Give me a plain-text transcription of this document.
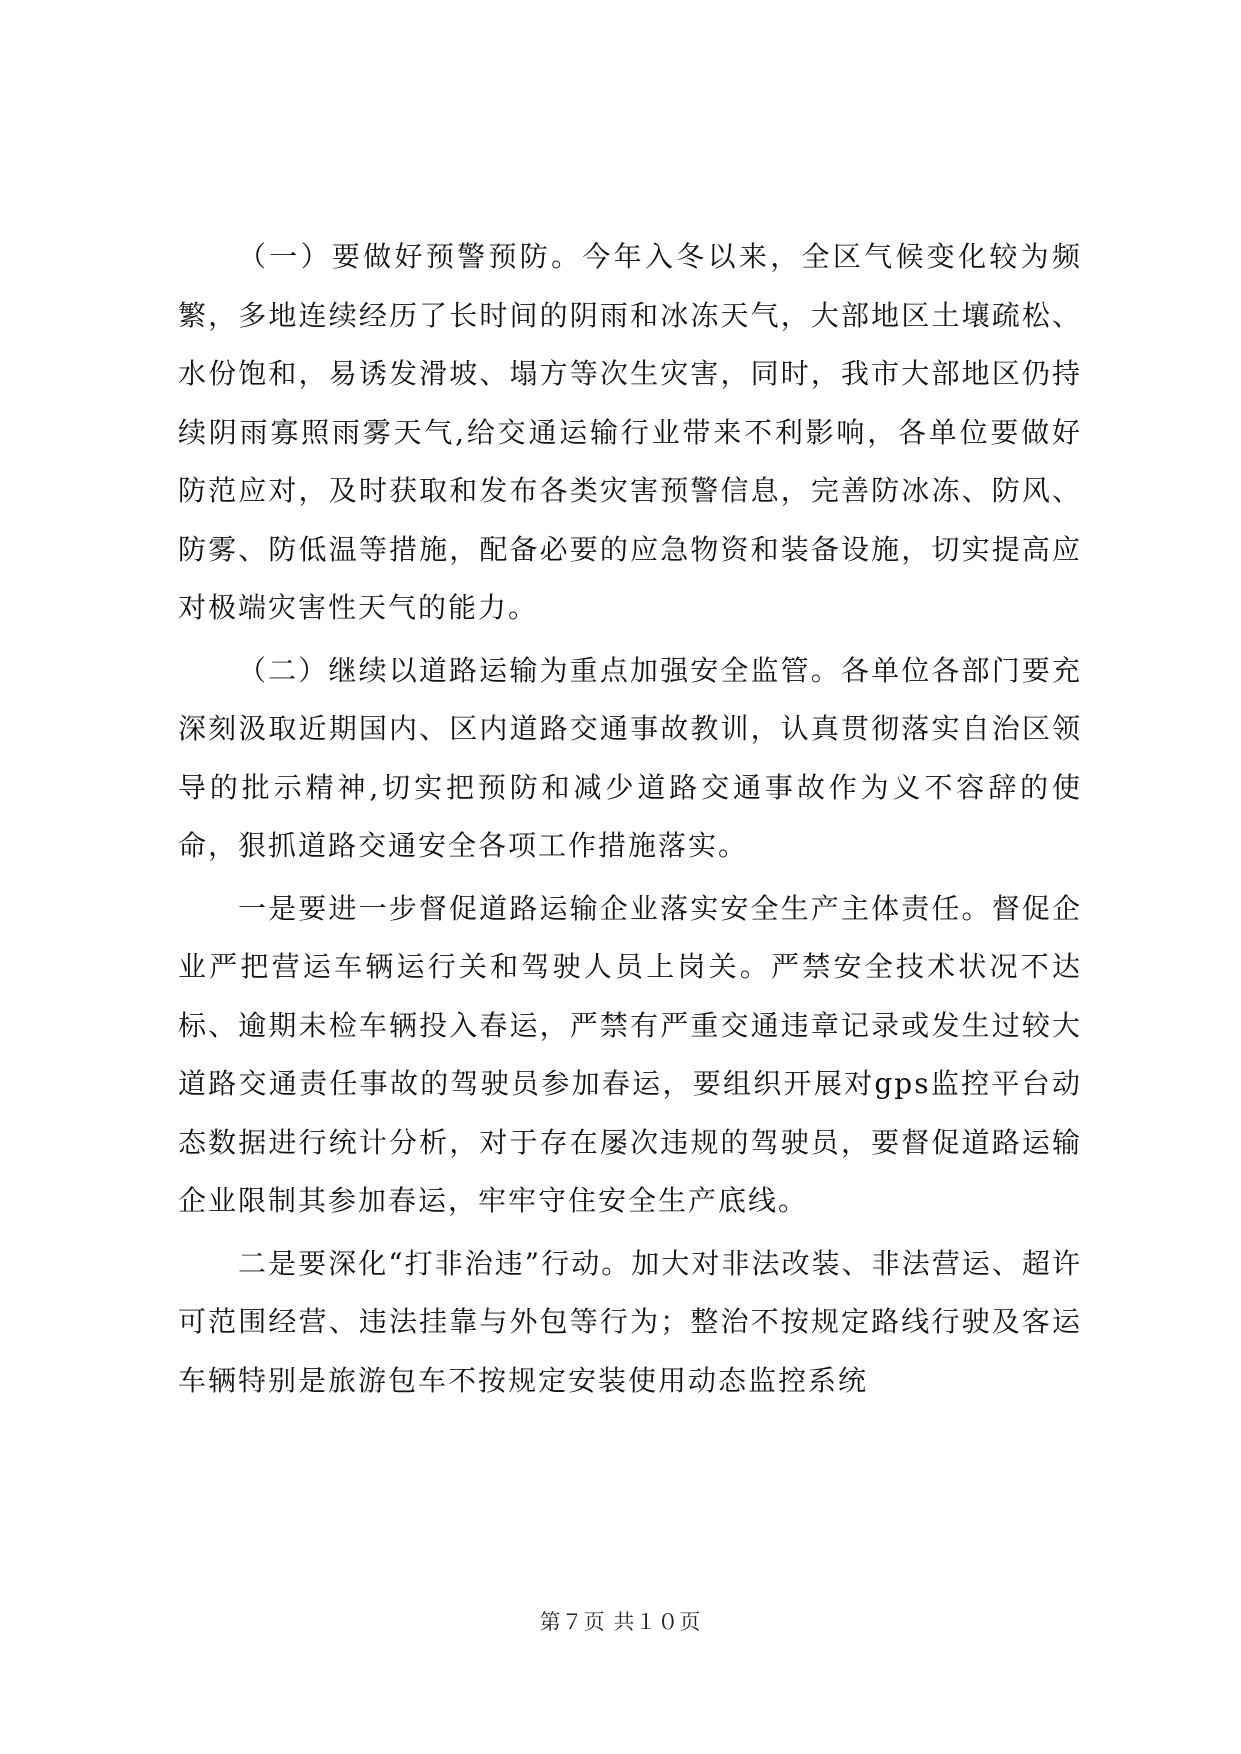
（一）要做好预警预防。今年入冬以来，全区气候变化较为频繁，多地连续经历了长时间的阴雨和冰冻天气，大部地区土壤疏松、水份饱和，易诱发滑坡、塌方等次生灾害，同时，我市大部地区仍持续阴雨寡照雨雾天气,给交通运输行业带来不利影响，各单位要做好防范应对，及时获取和发布各类灾害预警信息，完善防冰冻、防风、防雾、防低温等措施，配备必要的应急物资和装备设施，切实提高应对极端灾害性天气的能力。

（二）继续以道路运输为重点加强安全监管。各单位各部门要充深刻汲取近期国内、区内道路交通事故教训，认真贯彻落实自治区领导的批示精神,切实把预防和减少道路交通事故作为义不容辞的使命，狠抓道路交通安全各项工作措施落实。

一是要进一步督促道路运输企业落实安全生产主体责任。督促企业严把营运车辆运行关和驾驶人员上岗关。严禁安全技术状况不达标、逾期未检车辆投入春运，严禁有严重交通违章记录或发生过较大道路交通责任事故的驾驶员参加春运，要组织开展对gps监控平台动态数据进行统计分析，对于存在屡次违规的驾驶员，要督促道路运输企业限制其参加春运，牢牢守住安全生产底线。

二是要深化“打非治违”行动。加大对非法改装、非法营运、超许可范围经营、违法挂靠与外包等行为；整治不按规定路线行驶及客运车辆特别是旅游包车不按规定安装使用动态监控系统

第７页 共１０页
